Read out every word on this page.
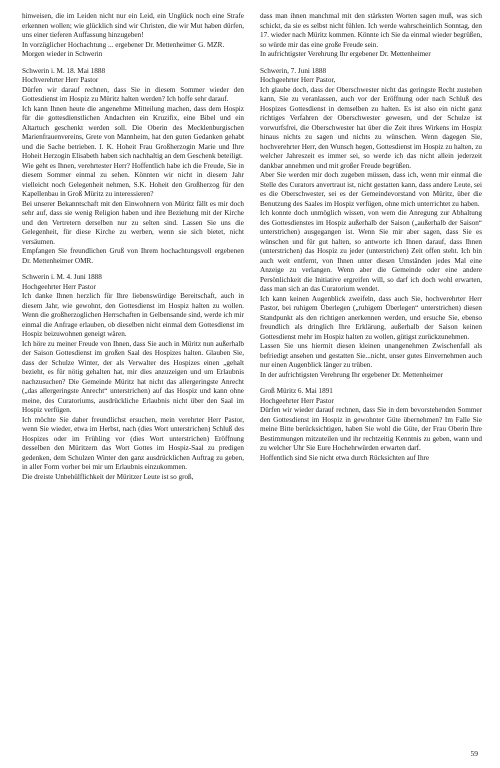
hinweisen, die im Leiden nicht nur ein Leid, ein Unglück noch eine Strafe erkennen wollen; wie glücklich sind wir Christen, die wir Mut haben dürfen, uns einer tieferen Auffassung hinzugeben!

In vorzüglicher Hochachtung ... ergebener Dr. Mettenheimer G. MZR.

Morgen wieder in Schwerin

Schwerin i. M. 18. Mai 1888

Hochverehrter Herr Pastor

Dürfen wir darauf rechnen, dass Sie in diesem Sommer wieder den Gottesdienst im Hospiz zu Müritz halten werden? Ich hoffe sehr darauf.

Ich kann Ihnen heute die angenehme Mitteilung machen, dass dem Hospiz für die gottesdienstlichen Andachten ein Kruzifix, eine Bibel und ein Altartuch geschenkt werden soll. Die Oberin des Mecklenburgischen Marienfrauenvereins, Grete von Mannheim, hat den guten Gedanken gehabt und die Sache betrieben. I. K. Hoheit Frau Großherzogin Marie und Ihre Hoheit Herzogin Elisabeth haben sich nachhaltig an dem Geschenk beteiligt.

Wie geht es Ihnen, verehrtester Herr? Hoffentlich habe ich die Freude, Sie in diesem Sommer einmal zu sehen. Könnten wir nicht in diesem Jahr vielleicht noch Gelegenheit nehmen, S.K. Hoheit den Großherzog für den Kapellenbau in Groß Müritz zu interessieren?

Bei unserer Bekanntschaft mit den Einwohnern von Müritz fällt es mir doch sehr auf, dass sie wenig Religion haben und ihre Beziehung mit der Kirche und den Vertretern derselben nur zu selten sind. Lassen Sie uns die Gelegenheit, für diese Kirche zu werben, wenn sie sich bietet, nicht versäumen.

Empfangen Sie freundlichen Gruß von Ihrem hochachtungsvoll ergebenen Dr. Mettenheimer OMR.

Schwerin i. M. 4. Juni 1888

Hochgeehrter Herr Pastor

Ich danke Ihnen herzlich für Ihre liebenswürdige Bereitschaft, auch in diesem Jahr, wie gewohnt, den Gottesdienst im Hospiz halten zu wollen. Wenn die großherzoglichen Herrschaften in Gelbensande sind, werde ich mir einmal die Anfrage erlauben, ob dieselben nicht einmal dem Gottesdienst im Hospiz beizuwohnen geneigt wären.

Ich höre zu meiner Freude von Ihnen, dass Sie auch in Müritz nun außerhalb der Saison Gottesdienst im großen Saal des Hospizes halten. Glauben Sie, dass der Schulze Winter, der als Verwalter des Hospizes einen „gehalt bezieht, es für nötig gehalten hat, mir dies anzuzeigen und um Erlaubnis nachzusuchen? Die Gemeinde Müritz hat nicht das allergeringste Anrecht („das allergeringste Anrecht“ unterstrichen) auf das Hospiz und kann ohne meine, des Curatoriums, ausdrückliche Erlaubnis nicht über den Saal im Hospiz verfügen.

Ich möchte Sie daher freundlichst ersuchen, mein verehrter Herr Pastor, wenn Sie wieder, etwa im Herbst, nach (dies Wort unterstrichen) Schluß des Hospizes oder im Frühling vor (dies Wort unterstrichen) Eröffnung desselben den Müritzern das Wort Gottes im Hospiz-Saal zu predigen gedenken, dem Schulzen Winter den ganz ausdrücklichen Auftrag zu geben, in aller Form vorher bei mir um Erlaubnis einzukommen.

Die dreiste Unbehülflichkeit der Müritzer Leute ist so groß,

dass man ihnen manchmal mit den stärksten Worten sagen muß, was sich schickt, da sie es selbst nicht fühlen. Ich werde wahrscheinlich Sonntag, den 17. wieder nach Müritz kommen. Könnte ich Sie da einmal wieder begrüßen, so würde mir das eine große Freude sein.

In aufrichtigster Verehrung Ihr ergebener Dr. Mettenheimer

Schwerin, 7. Juni 1888

Hochgeehrter Herr Pastor,

Ich glaube doch, dass der Oberschwester nicht das geringste Recht zustehen kann, Sie zu veranlassen, auch vor der Eröffnung oder nach Schluß des Hospizes Gottesdienst in demselben zu halten. Es ist also ein nicht ganz richtiges Verfahren der Oberschwester gewesen, und der Schulze ist vorwurfsfrei, die Oberschwester hat über die Zeit ihres Wirkens im Hospiz hinaus nichts zu sagen und nichts zu wünschen. Wenn dagegen Sie, hochverehrter Herr, den Wunsch hegen, Gottesdienst im Hospiz zu halten, zu welcher Jahreszeit es immer sei, so werde ich das nicht allein jederzeit dankbar annehmen und mit großer Freude begrüßen.

Aber Sie werden mir doch zugeben müssen, dass ich, wenn mir einmal die Stelle des Curators anvertraut ist, nicht gestatten kann, dass andere Leute, sei es die Oberschwester, sei es der Gemeindevorstand von Müritz, über die Benutzung des Saales im Hospiz verfügen, ohne mich unterrichtet zu haben.

Ich konnte doch unmöglich wissen, von wem die Anregung zur Abhaltung des Gottesdienstes im Hospiz außerhalb der Saison („außerhalb der Saison“ unterstrichen) ausgegangen ist. Wenn Sie mir aber sagen, dass Sie es wünschen und für gut halten, so antworte ich Ihnen darauf, dass Ihnen (unterstrichen) das Hospiz zu jeder (unterstrichen) Zeit offen steht. Ich bin auch weit entfernt, von Ihnen unter diesen Umständen jedes Mal eine Anzeige zu verlangen. Wenn aber die Gemeinde oder eine andere Persönlichkeit die Initiative ergreifen will, so darf ich doch wohl erwarten, dass man sich an das Curatorium wendet.

Ich kann keinen Augenblick zweifeln, dass auch Sie, hochverehrter Herr Pastor, bei ruhigem Überlegen („ruhigem Überlegen“ unterstrichen) diesen Standpunkt als den richtigen anerkennen werden, und ersuche Sie, ebenso freundlich als dringlich Ihre Erklärung, außerhalb der Saison keinen Gottesdienst mehr im Hospiz halten zu wollen, gütigst zurückzunehmen.

Lassen Sie uns hiermit diesen kleinen unangenehmen Zwischenfall als befriedigt ansehen und gestatten Sie...nicht, unser gutes Einvernehmen auch nur einen Augenblick länger zu trüben.

In der aufrichtigsten Verehrung Ihr ergebener Dr. Mettenheimer

Groß Müritz 6. Mai 1891

Hochgeehrter Herr Pastor

Dürfen wir wieder darauf rechnen, dass Sie in dem bevorstehenden Sommer den Gottesdienst im Hospiz in gewohnter Güte übernehmen? Im Falle Sie meine Bitte berücksichtigen, haben Sie wohl die Güte, der Frau Oberin Ihre Bestimmungen mitzuteilen und ihr rechtzeitig Kenntnis zu geben, wann und zu welcher Uhr Sie Eure Hochehrwürden erwarten darf.

Hoffentlich sind Sie nicht etwa durch Rücksichten auf Ihre

59
